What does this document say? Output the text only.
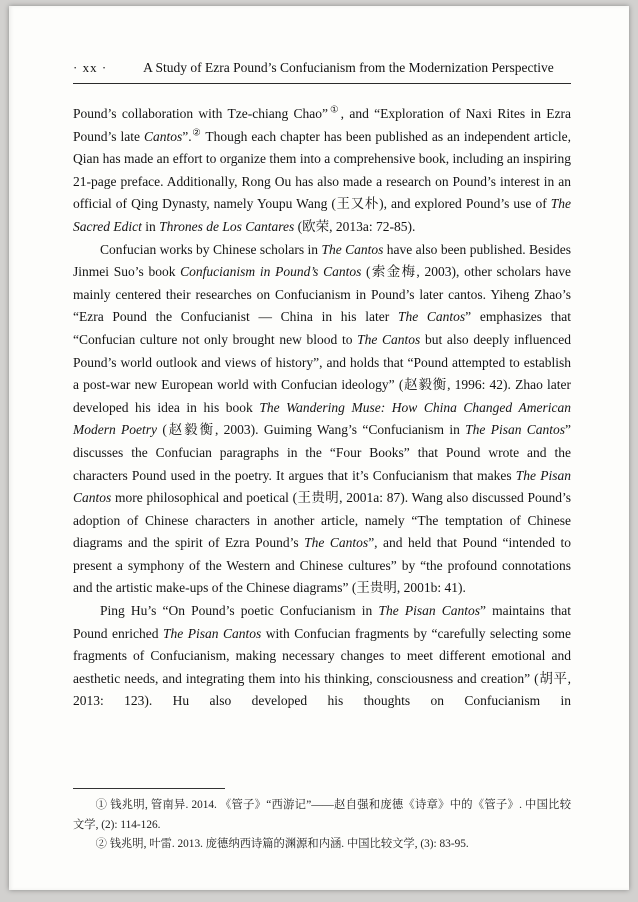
· xx ·	A Study of Ezra Pound’s Confucianism from the Modernization Perspective

Pound’s collaboration with Tze-chiang Chao”①, and “Exploration of Naxi Rites in Ezra Pound’s late Cantos”.② Though each chapter has been published as an independent article, Qian has made an effort to organize them into a comprehensive book, including an inspiring 21-page preface. Additionally, Rong Ou has also made a research on Pound’s interest in an official of Qing Dynasty, namely Youpu Wang (王又朴), and explored Pound’s use of The Sacred Edict in Thrones de Los Cantares (欧荣, 2013a: 72-85).

Confucian works by Chinese scholars in The Cantos have also been published. Besides Jinmei Suo’s book Confucianism in Pound’s Cantos (索金梅, 2003), other scholars have mainly centered their researches on Confucianism in Pound’s later cantos. Yiheng Zhao’s “Ezra Pound the Confucianist — China in his later The Cantos” emphasizes that “Confucian culture not only brought new blood to The Cantos but also deeply influenced Pound’s world outlook and views of history”, and holds that “Pound attempted to establish a post-war new European world with Confucian ideology” (赵毅衡, 1996: 42). Zhao later developed his idea in his book The Wandering Muse: How China Changed American Modern Poetry (赵毅衡, 2003). Guiming Wang’s “Confucianism in The Pisan Cantos” discusses the Confucian paragraphs in the “Four Books” that Pound wrote and the characters Pound used in the poetry. It argues that it’s Confucianism that makes The Pisan Cantos more philosophical and poetical (王贵明, 2001a: 87). Wang also discussed Pound’s adoption of Chinese characters in another article, namely “The temptation of Chinese diagrams and the spirit of Ezra Pound’s The Cantos”, and held that Pound “intended to present a symphony of the Western and Chinese cultures” by “the profound connotations and the artistic make-ups of the Chinese diagrams” (王贵明, 2001b: 41).

Ping Hu’s “On Pound’s poetic Confucianism in The Pisan Cantos” maintains that Pound enriched The Pisan Cantos with Confucian fragments by “carefully selecting some fragments of Confucianism, making necessary changes to meet different emotional and aesthetic needs, and integrating them into his thinking, consciousness and creation” (胡平, 2013: 123). Hu also developed his thoughts on Confucianism in

① 钱兆明, 管南异. 2014. 《管子》“西游记”——赵自强和庞德《诗章》中的《管子》. 中国比较文学, (2): 114-126.

② 钱兆明, 叶雷. 2013. 庞德纳西诗篇的渊源和内涵. 中国比较文学, (3): 83-95.
